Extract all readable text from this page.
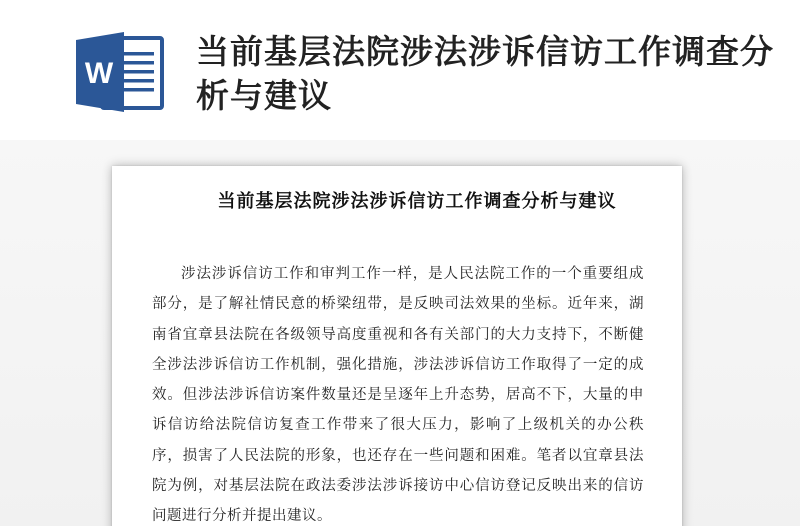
W
当前基层法院涉法涉诉信访工作调查分析与建议
当前基层法院涉法涉诉信访工作调查分析与建议
涉法涉诉信访工作和审判工作一样，是人民法院工作的一个重要组成部分，是了解社情民意的桥梁纽带，是反映司法效果的坐标。近年来，湖南省宜章县法院在各级领导高度重视和各有关部门的大力支持下，不断健全涉法涉诉信访工作机制，强化措施，涉法涉诉信访工作取得了一定的成效。但涉法涉诉信访案件数量还是呈逐年上升态势，居高不下，大量的申诉信访给法院信访复查工作带来了很大压力，影响了上级机关的办公秩序，损害了人民法院的形象，也还存在一些问题和困难。笔者以宜章县法院为例，对基层法院在政法委涉法涉诉接访中心信访登记反映出来的信访问题进行分析并提出建议。
